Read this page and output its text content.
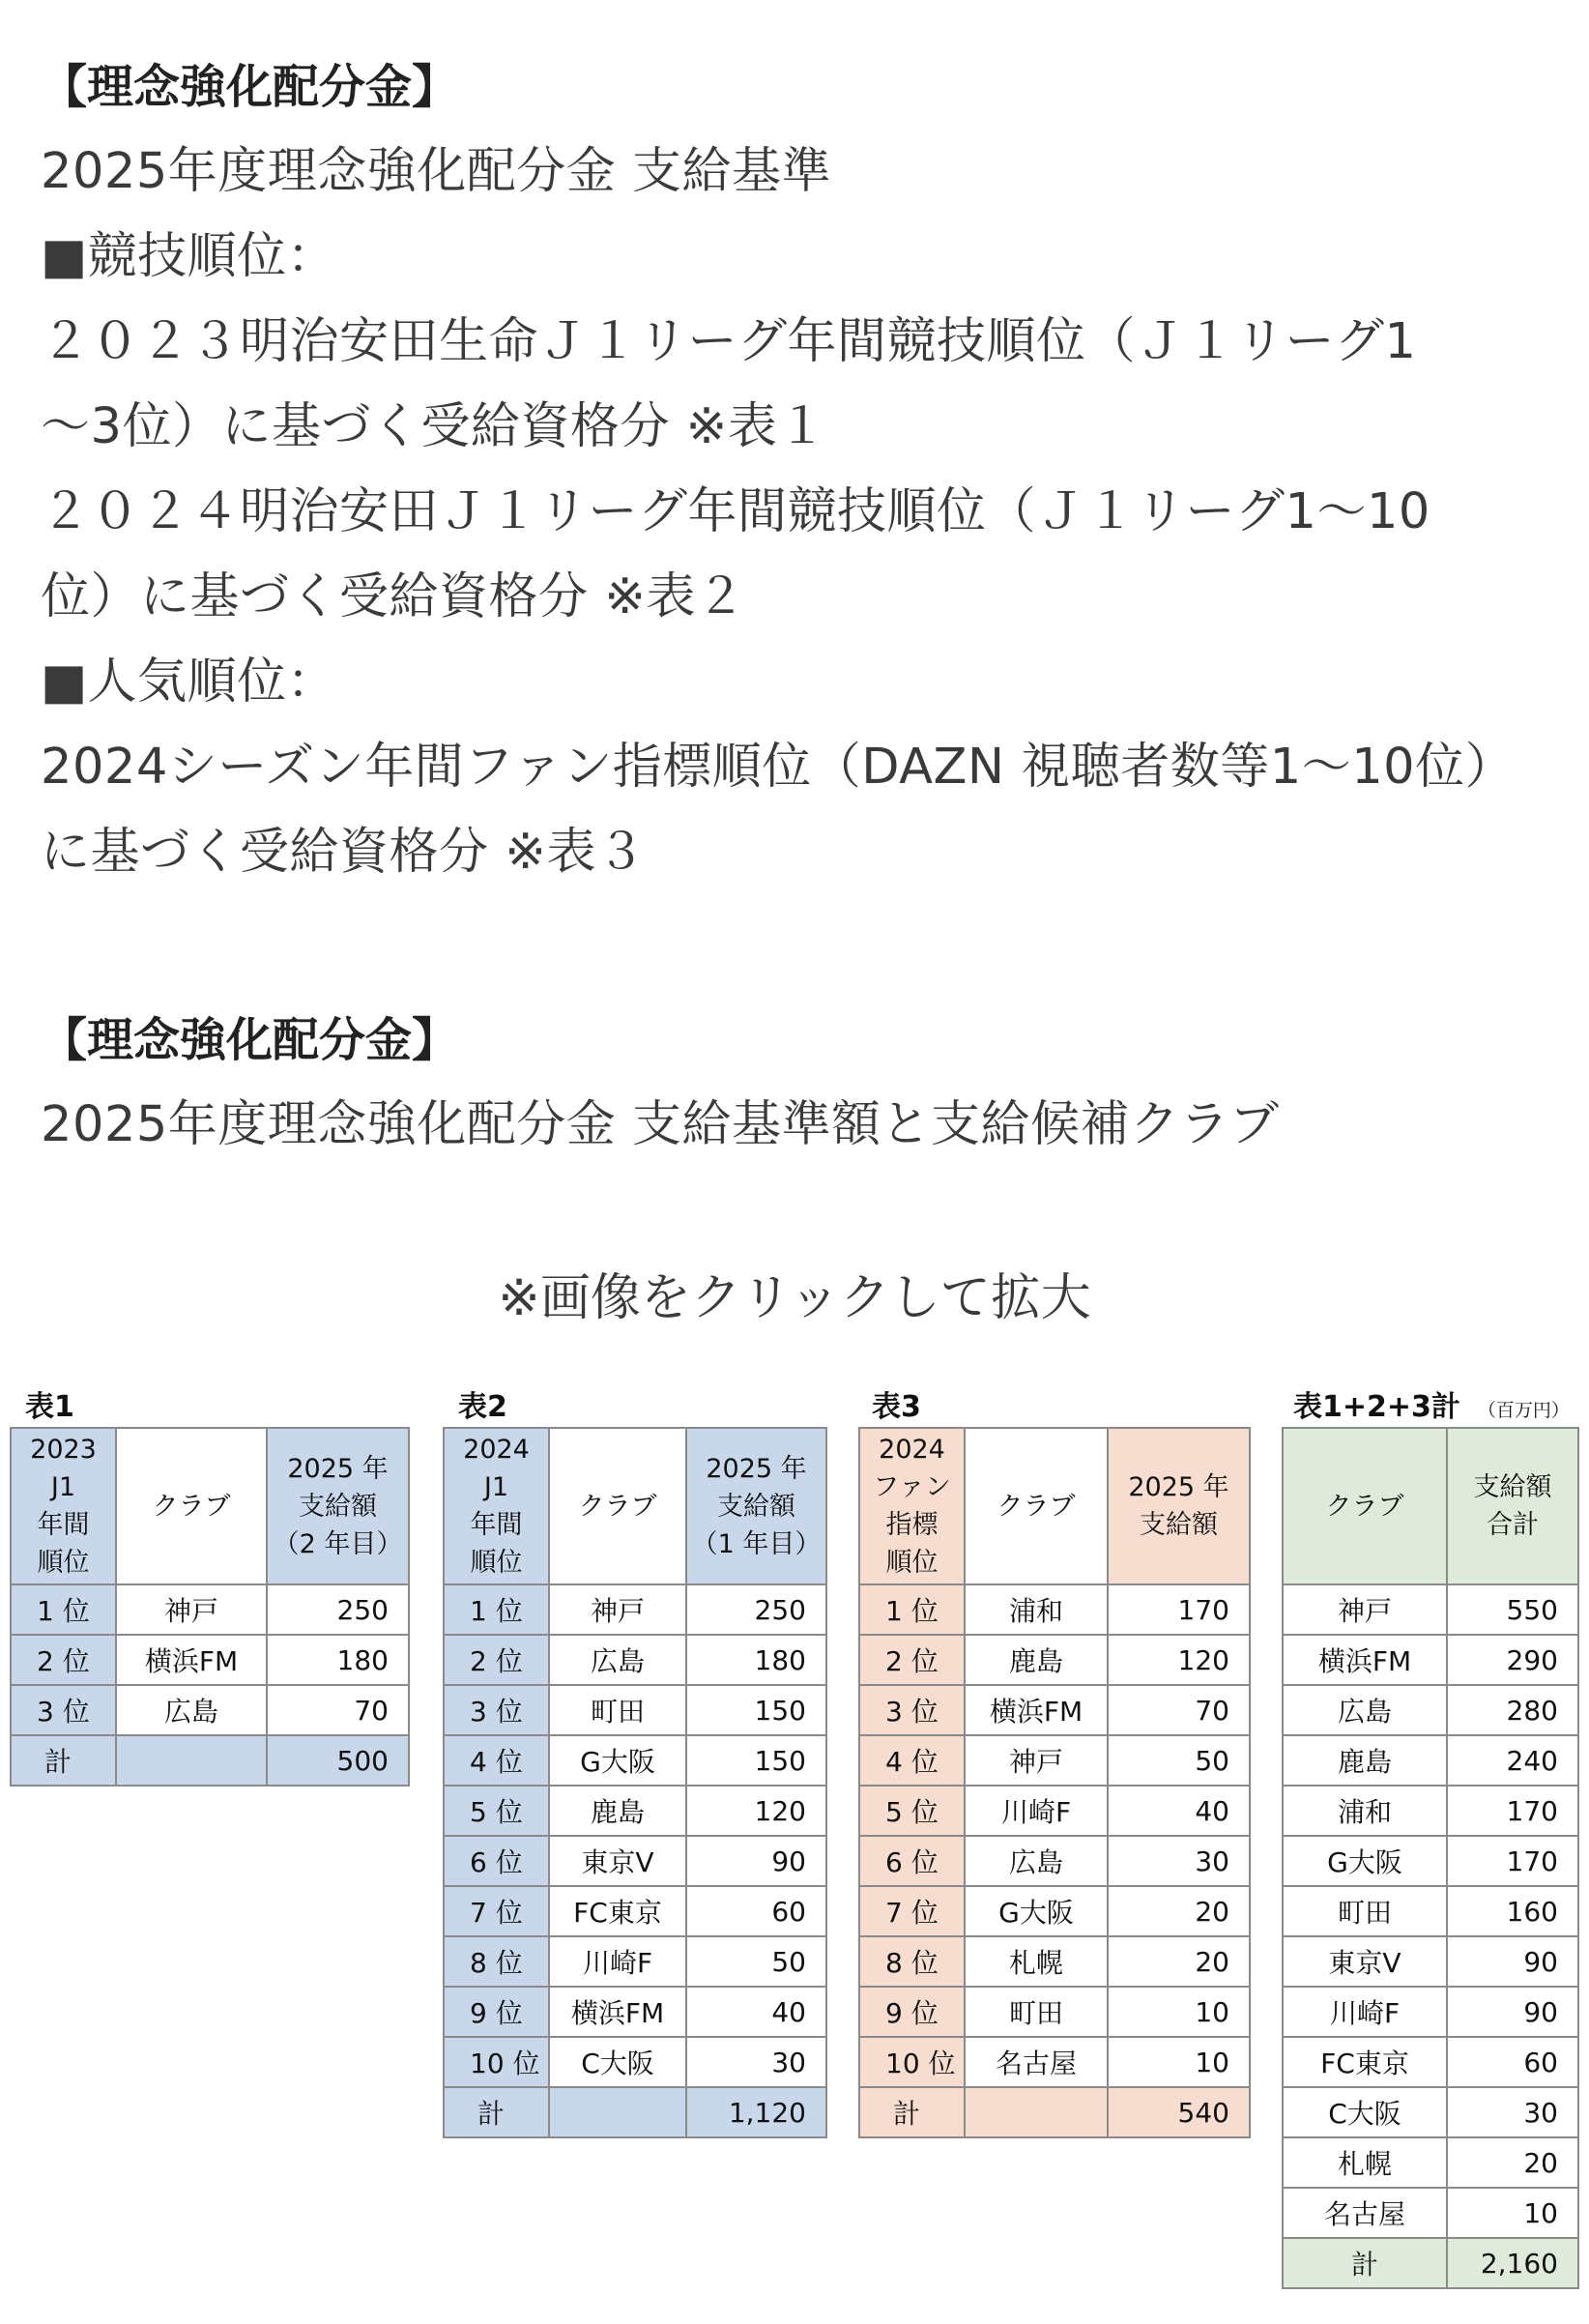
【理念強化配分金】
2025年度理念強化配分金 支給基準
■競技順位：
２０２３明治安田生命Ｊ１リーグ年間競技順位（Ｊ１リーグ1
〜3位）に基づく受給資格分 ※表１
２０２４明治安田Ｊ１リーグ年間競技順位（Ｊ１リーグ1〜10
位）に基づく受給資格分 ※表２
■人気順位：
2024シーズン年間ファン指標順位（DAZN 視聴者数等1〜10位）
に基づく受給資格分 ※表３
【理念強化配分金】
2025年度理念強化配分金 支給基準額と支給候補クラブ
※画像をクリックして拡大
表1	表2	表3	表1+2+3計 （百万円）
2023
J1
年間
順位	クラブ	2025 年
支給額
（2 年目）
1 位	神戸	250
2 位	横浜FM	180
3 位	広島	70
計		500
2024
J1
年間
順位	クラブ	2025 年
支給額
（1 年目）
1 位	神戸	250
2 位	広島	180
3 位	町田	150
4 位	G大阪	150
5 位	鹿島	120
6 位	東京V	90
7 位	FC東京	60
8 位	川崎F	50
9 位	横浜FM	40
10 位	C大阪	30
計		1,120
2024
ファン
指標
順位	クラブ	2025 年
支給額
1 位	浦和	170
2 位	鹿島	120
3 位	横浜FM	70
4 位	神戸	50
5 位	川崎F	40
6 位	広島	30
7 位	G大阪	20
8 位	札幌	20
9 位	町田	10
10 位	名古屋	10
計		540
クラブ	支給額
合計
神戸	550
横浜FM	290
広島	280
鹿島	240
浦和	170
G大阪	170
町田	160
東京V	90
川崎F	90
FC東京	60
C大阪	30
札幌	20
名古屋	10
計	2,160
